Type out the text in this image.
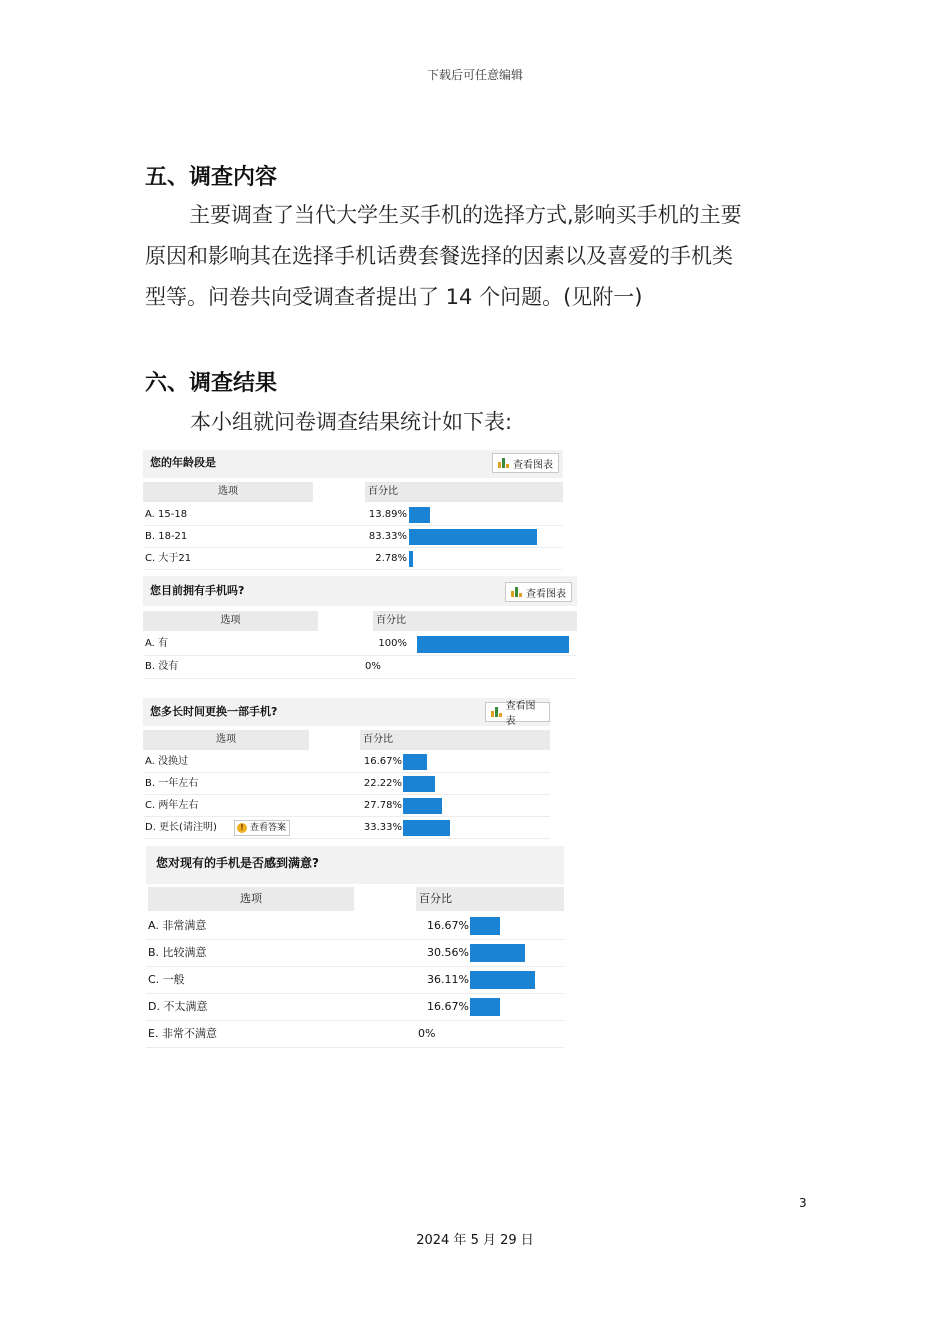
下载后可任意编辑
五、调查内容
主要调查了当代大学生买手机的选择方式,影响买手机的主要
原因和影响其在选择手机话费套餐选择的因素以及喜爱的手机类
型等。问卷共向受调查者提出了 14 个问题。(见附一)
六、调查结果
本小组就问卷调查结果统计如下表:
您的年龄段是	查看图表
选项	百分比
A. 15-18	13.89%
B. 18-21	83.33%
C. 大于21	2.78%
您目前拥有手机吗?	查看图表
选项	百分比
A. 有	100%
B. 没有	0%
您多长时间更换一部手机?	查看图表
选项	百分比
A. 没换过	16.67%
B. 一年左右	22.22%
C. 两年左右	27.78%
D. 更长(请注明)	33.33%
! 查看答案
您对现有的手机是否感到满意?
选项	百分比
A. 非常满意	16.67%
B. 比较满意	30.56%
C. 一般	36.11%
D. 不太满意	16.67%
E. 非常不满意	0%
3
2024 年 5 月 29 日
